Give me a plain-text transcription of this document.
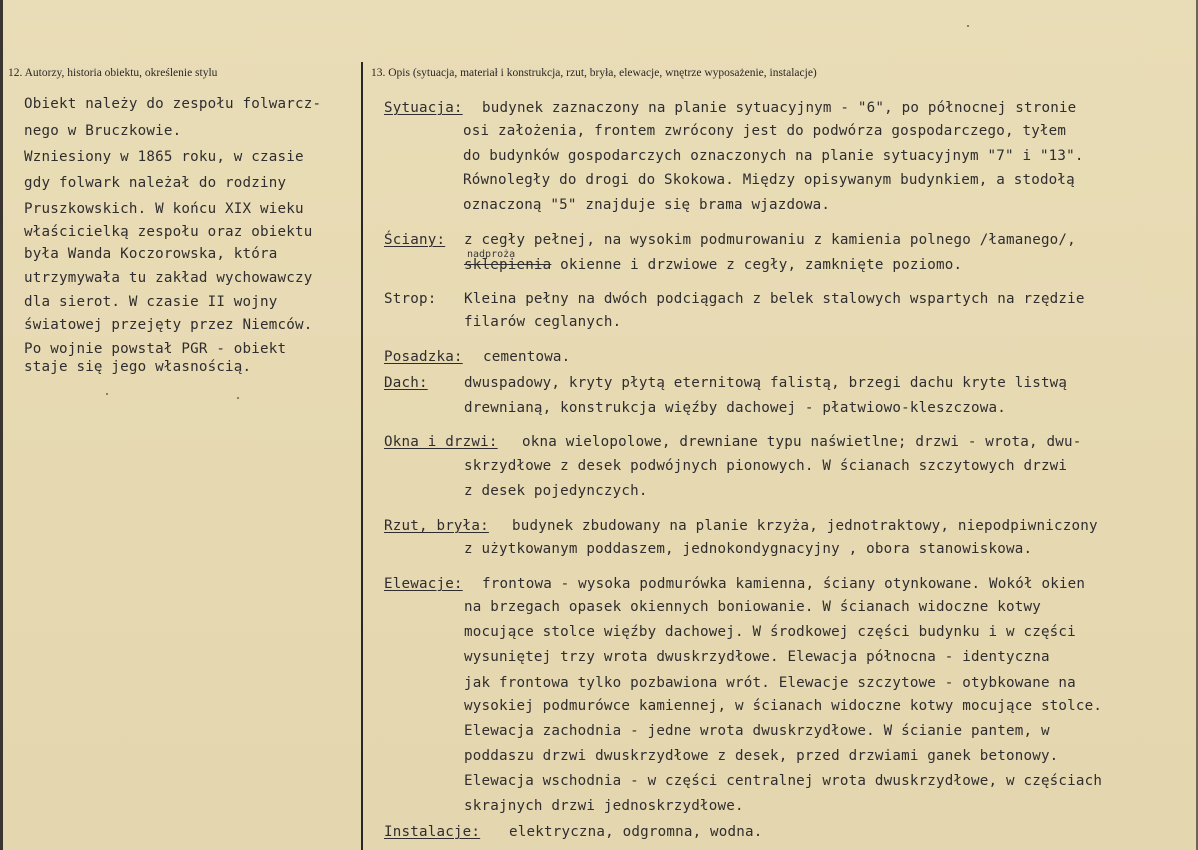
12. Autorzy, historia obiektu, określenie stylu	13. Opis (sytuacja, materiał i konstrukcja, rzut, bryła, elewacje, wnętrze wyposażenie, instalacje)
Obiekt należy do zespołu folwarcz-
nego w Bruczkowie.
Wzniesiony w 1865 roku, w czasie
gdy folwark należał do rodziny
Pruszkowskich. W końcu XIX wieku
właścicielką zespołu oraz obiektu
była Wanda Koczorowska, która
utrzymywała tu zakład wychowawczy
dla sierot. W czasie II wojny
światowej przejęty przez Niemców.
Po wojnie powstał PGR - obiekt
staje się jego własnością.
Sytuacja: budynek zaznaczony na planie sytuacyjnym - "6", po północnej stronie
osi założenia, frontem zwrócony jest do podwórza gospodarczego, tyłem
do budynków gospodarczych oznaczonych na planie sytuacyjnym "7" i "13".
Równoległy do drogi do Skokowa. Między opisywanym budynkiem, a stodołą
oznaczoną "5" znajduje się brama wjazdowa.
Ściany: z cegły pełnej, na wysokim podmurowaniu z kamienia polnego /łamanego/,
nadproża
sklepienia okienne i drzwiowe z cegły, zamknięte poziomo.
Strop: Kleina pełny na dwóch podciągach z belek stalowych wspartych na rzędzie
filarów ceglanych.
Posadzka: cementowa.
Dach:	dwuspadowy, kryty płytą eternitową falistą, brzegi dachu kryte listwą
drewnianą, konstrukcja więźby dachowej - płatwiowo-kleszczowa.
Okna i drzwi: okna wielopolowe, drewniane typu naświetlne; drzwi - wrota, dwu-
skrzydłowe z desek podwójnych pionowych. W ścianach szczytowych drzwi
z desek pojedynczych.
Rzut, bryła: budynek zbudowany na planie krzyża, jednotraktowy, niepodpiwniczony
z użytkowanym poddaszem, jednokondygnacyjny , obora stanowiskowa.
Elewacje: frontowa - wysoka podmurówka kamienna, ściany otynkowane. Wokół okien
na brzegach opasek okiennych boniowanie. W ścianach widoczne kotwy
mocujące stolce więźby dachowej. W środkowej części budynku i w części
wysuniętej trzy wrota dwuskrzydłowe. Elewacja północna - identyczna
jak frontowa tylko pozbawiona wrót. Elewacje szczytowe - otybkowane na
wysokiej podmurówce kamiennej, w ścianach widoczne kotwy mocujące stolce.
Elewacja zachodnia - jedne wrota dwuskrzydłowe. W ścianie pantem, w
poddaszu drzwi dwuskrzydłowe z desek, przed drzwiami ganek betonowy.
Elewacja wschodnia - w części centralnej wrota dwuskrzydłowe, w częściach
skrajnych drzwi jednoskrzydłowe.
Instalacje: elektryczna, odgromna, wodna.
